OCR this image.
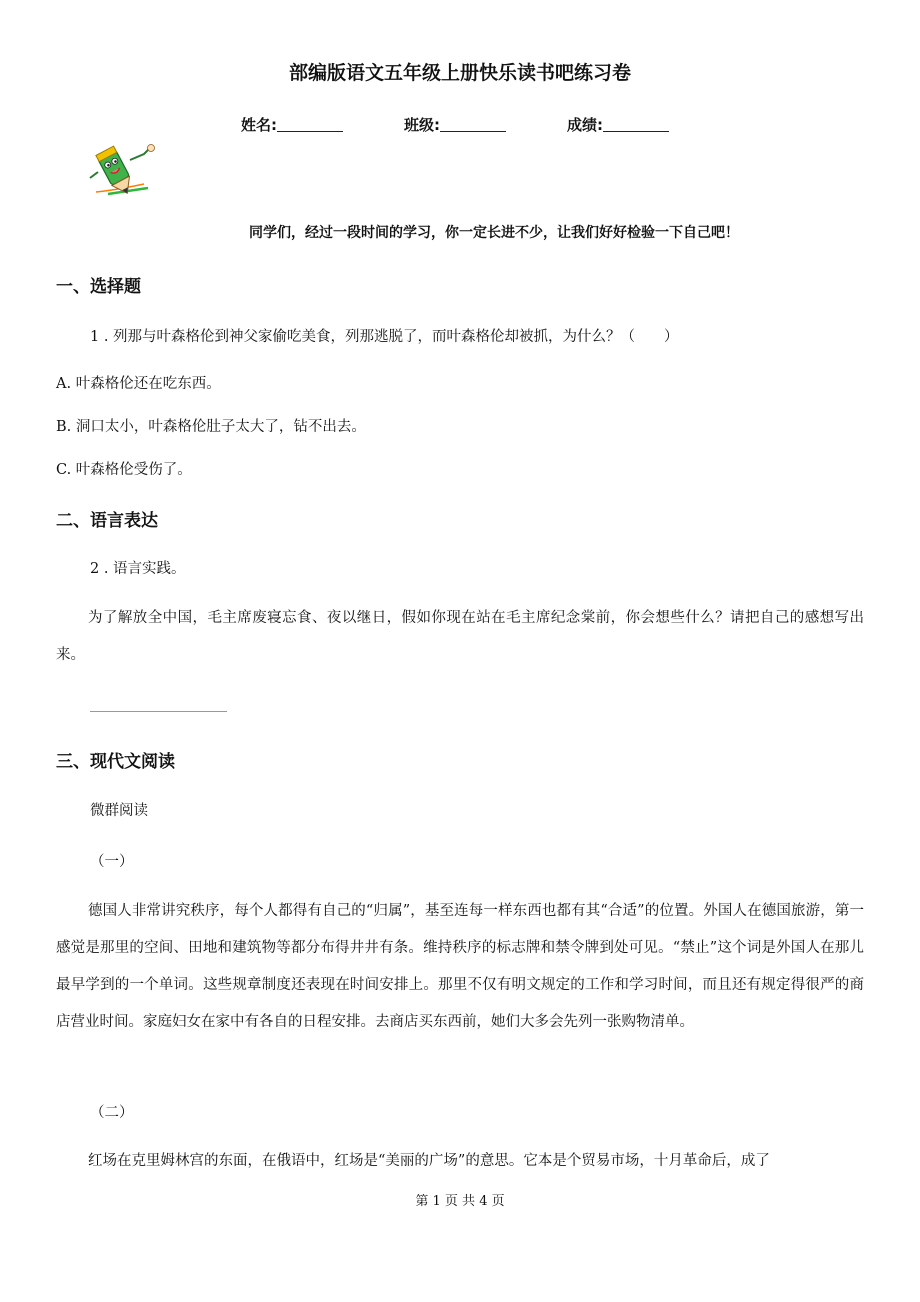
部编版语文五年级上册快乐读书吧练习卷
姓名:	班级:	成绩:
同学们，经过一段时间的学习，你一定长进不少，让我们好好检验一下自己吧！
一、选择题
1 . 列那与叶森格伦到神父家偷吃美食，列那逃脱了，而叶森格伦却被抓，为什么？（　　）
A. 叶森格伦还在吃东西。
B. 洞口太小，叶森格伦肚子太大了，钻不出去。
C. 叶森格伦受伤了。
二、语言表达
2 . 语言实践。
为了解放全中国，毛主席废寝忘食、夜以继日，假如你现在站在毛主席纪念棠前，你会想些什么？请把自己的感想写出来。
三、现代文阅读
微群阅读
（一）
德国人非常讲究秩序，每个人都得有自己的“归属”，基至连每一样东西也都有其“合适”的位置。外国人在德国旅游，第一感觉是那里的空间、田地和建筑物等都分布得井井有条。维持秩序的标志牌和禁令牌到处可见。“禁止”这个词是外国人在那儿最早学到的一个单词。这些规章制度还表现在时间安排上。那里不仅有明文规定的工作和学习时间，而且还有规定得很严的商店营业时间。家庭妇女在家中有各自的日程安排。去商店买东西前，她们大多会先列一张购物清单。
（二）
红场在克里姆林宫的东面，在俄语中，红场是“美丽的广场”的意思。它本是个贸易市场，十月革命后，成了
第 1 页 共 4 页
